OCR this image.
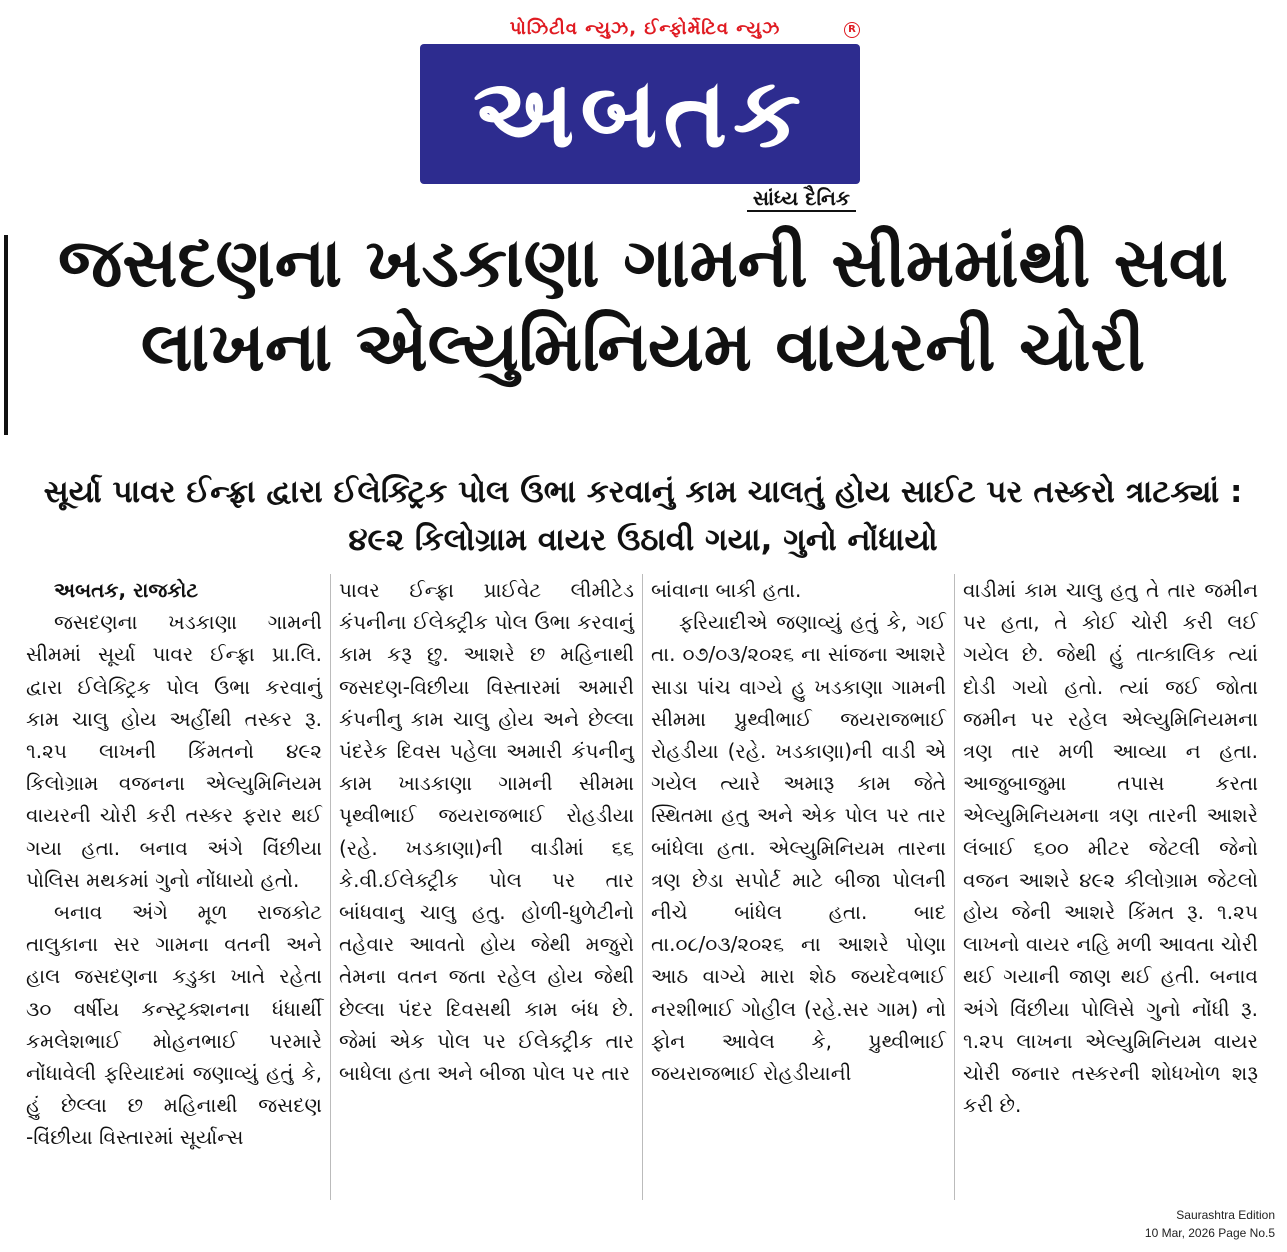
પોઝિટીવ ન્યુઝ, ઈન્ફોર્મેટિવ ન્યુઝ	R
અબતક
સાંધ્ય દૈનિક
જસદણના ખડકાણા ગામની સીમમાંથી સવા લાખના એલ્યુમિનિયમ વાયરની ચોરી
સૂર્યા પાવર ઈન્ફ્રા દ્વારા ઈલેક્ટ્રિક પોલ ઉભા કરવાનું કામ ચાલતું હોય સાઈટ પર તસ્કરો ત્રાટક્યાં : ૪૯૨ કિલોગ્રામ વાયર ઉઠાવી ગયા, ગુનો નોંધાયો
અબતક, રાજકોટ

જસદણના ખડકાણા ગામની સીમમાં સૂર્યા પાવર ઈન્ફ્રા પ્રા.લિ. દ્વારા ઈલેક્ટ્રિક પોલ ઉભા કરવાનું કામ ચાલુ હોય અહીંથી તસ્કર રૂ. ૧.૨૫ લાખની કિંમતનો ૪૯૨ કિલોગ્રામ વજનના એલ્યુમિનિયમ વાયરની ચોરી કરી તસ્કર ફરાર થઈ ગયા હતા. બનાવ અંગે વિંછીયા પોલિસ મથકમાં ગુનો નોંધાયો હતો.

બનાવ અંગે મૂળ રાજકોટ તાલુકાના સર ગામના વતની અને હાલ જસદણના કડુકા ખાતે રહેતા ૩૦ વર્ષીય કન્સ્ટ્રક્શનના ધંધાર્થી કમલેશભાઈ મોહનભાઈ પરમારે નોંધાવેલી ફરિયાદમાં જણાવ્યું હતું કે, હું છેલ્લા છ મહિનાથી જસદણ -વિંછીયા વિસ્તારમાં સૂર્યાન્સ

પાવર ઈન્ફ્રા પ્રાઈવેટ લીમીટેડ કંપનીના ઈલેક્ટ્રીક પોલ ઉભા કરવાનું કામ કરૂ છુ. આશરે છ મહિનાથી જસદણ-વિછીયા વિસ્તારમાં અમારી કંપનીનુ કામ ચાલુ હોય અને છેલ્લા પંદરેક દિવસ પહેલા અમારી કંપનીનુ કામ ખાડકાણા ગામની સીમમા પૃથ્વીભાઈ જયરાજભાઈ રોહડીયા (રહે. ખડકાણા)ની વાડીમાં ૬૬ કે.વી.ઈલેક્ટ્રીક પોલ પર તાર બાંધવાનુ ચાલુ હતુ. હોળી-ધુળેટીનો તહેવાર આવતો હોય જેથી મજુરો તેમના વતન જતા રહેલ હોય જેથી છેલ્લા પંદર દિવસથી કામ બંધ છે. જેમાં એક પોલ પર ઈલેક્ટ્રીક તાર બાધેલા હતા અને બીજા પોલ પર તાર

બાંવાના બાકી હતા.

ફરિયાદીએ જણાવ્યું હતું કે, ગઈ તા. ૦૭/૦૩/૨૦૨૬ ના સાંજના આશરે સાડા પાંચ વાગ્યે હુ ખડકાણા ગામની સીમમા પ્રુથ્વીભાઈ જયરાજભાઈ રોહડીયા (રહે. ખડકાણા)ની વાડી એ ગયેલ ત્યારે અમારૂ કામ જેતે સ્થિતમા હતુ અને એક પોલ પર તાર બાંધેલા હતા. એલ્યુમિનિયમ તારના ત્રણ છેડા સપોર્ટ માટે બીજા પોલની નીચે બાંધેલ હતા. બાદ તા.૦૮/૦૩/૨૦૨૬ ના આશરે પોણા આઠ વાગ્યે મારા શેઠ જયદેવભાઈ નરશીભાઈ ગોહીલ (રહે.સર ગામ) નો ફોન આવેલ કે, પ્રુથ્વીભાઈ જયરાજભાઈ રોહડીયાની

વાડીમાં કામ ચાલુ હતુ તે તાર જમીન પર હતા, તે કોઈ ચોરી કરી લઈ ગયેલ છે. જેથી હું તાત્કાલિક ત્યાં દોડી ગયો હતો. ત્યાં જઈ જોતા જમીન પર રહેલ એલ્યુમિનિયમના ત્રણ તાર મળી આવ્યા ન હતા. આજુબાજુમા તપાસ કરતા એલ્યુમિનિયમના ત્રણ તારની આશરે લંબાઈ ૬૦૦ મીટર જેટલી જેનો વજન આશરે ૪૯૨ કીલોગ્રામ જેટલો હોય જેની આશરે કિંમત રૂ. ૧.૨૫ લાખનો વાયર નહિ મળી આવતા ચોરી થઈ ગયાની જાણ થઈ હતી. બનાવ અંગે વિંછીયા પોલિસે ગુનો નોંધી રૂ. ૧.૨૫ લાખના એલ્યુમિનિયમ વાયર ચોરી જનાર તસ્કરની શોધખોળ શરૂ કરી છે.

Saurashtra Edition
10 Mar, 2026 Page No.5
